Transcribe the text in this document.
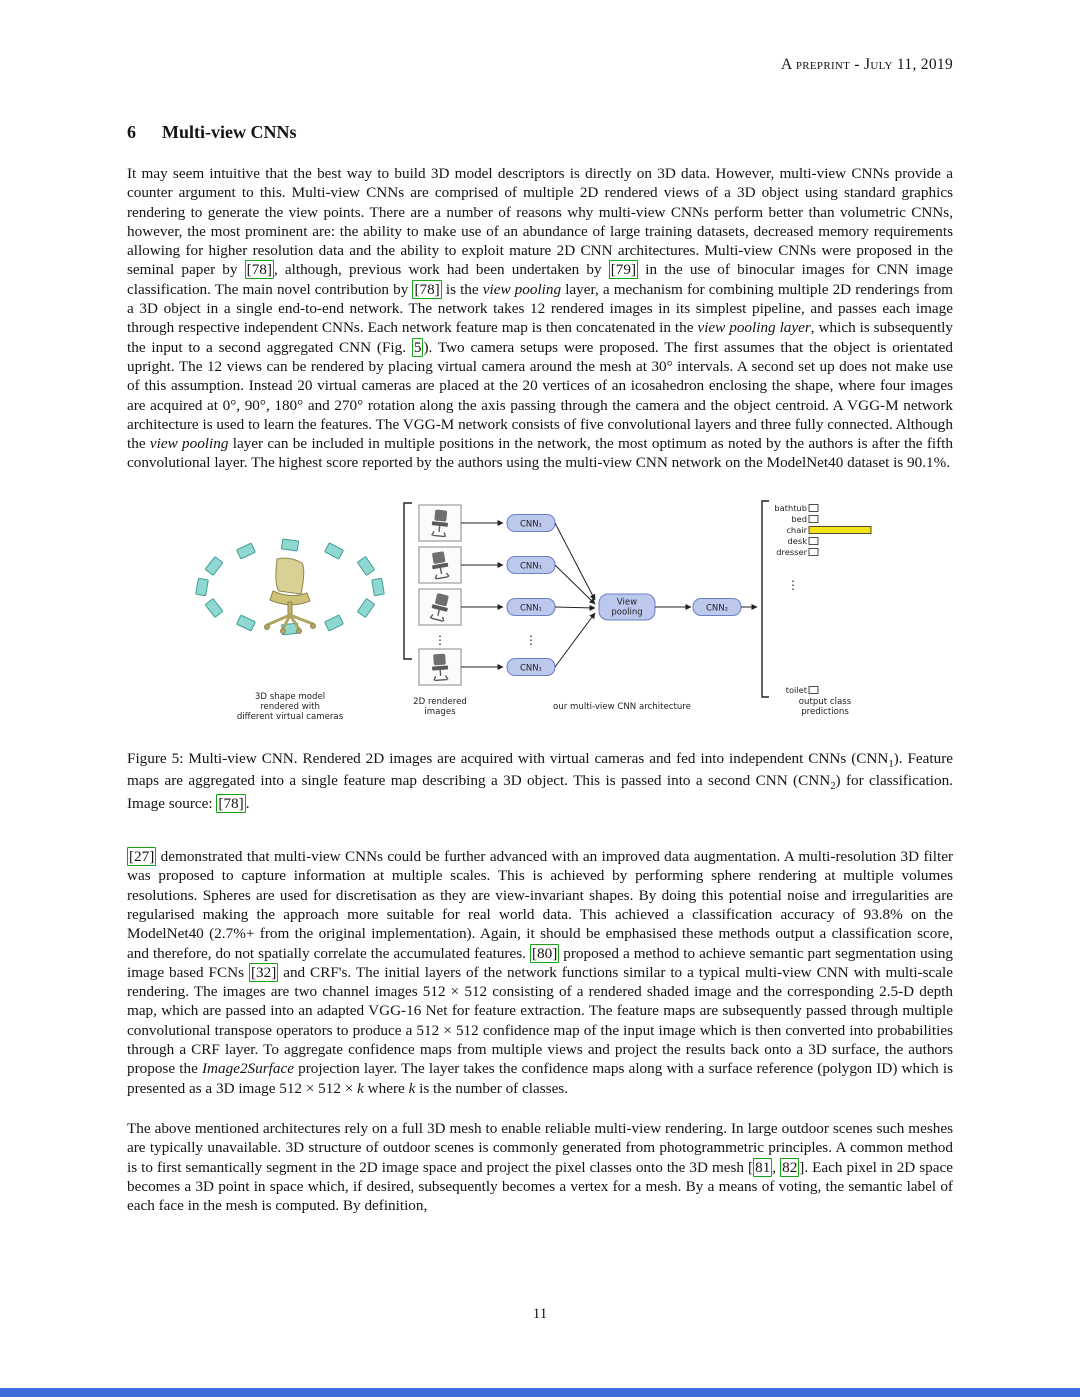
A preprint - July 11, 2019
6 Multi-view CNNs

It may seem intuitive that the best way to build 3D model descriptors is directly on 3D data. However, multi-view CNNs provide a counter argument to this. Multi-view CNNs are comprised of multiple 2D rendered views of a 3D object using standard graphics rendering to generate the view points. There are a number of reasons why multi-view CNNs perform better than volumetric CNNs, however, the most prominent are: the ability to make use of an abundance of large training datasets, decreased memory requirements allowing for higher resolution data and the ability to exploit mature 2D CNN architectures. Multi-view CNNs were proposed in the seminal paper by [78] , although, previous work had been undertaken by [79] in the use of binocular images for CNN image classification. The main novel contribution by [78] is the view pooling layer, a mechanism for combining multiple 2D renderings from a 3D object in a single end-to-end network. The network takes 12 rendered images in its simplest pipeline, and passes each image through respective independent CNNs. Each network feature map is then concatenated in the view pooling layer, which is subsequently the input to a second aggregated CNN (Fig. 5 ). Two camera setups were proposed. The first assumes that the object is orientated upright. The 12 views can be rendered by placing virtual camera around the mesh at 30° intervals. A second set up does not make use of this assumption. Instead 20 virtual cameras are placed at the 20 vertices of an icosahedron enclosing the shape, where four images are acquired at 0°, 90°, 180° and 270° rotation along the axis passing through the camera and the object centroid. A VGG-M network architecture is used to learn the features. The VGG-M network consists of five convolutional layers and three fully connected. Although the view pooling layer can be included in multiple positions in the network, the most optimum as noted by the authors is after the fifth convolutional layer. The highest score reported by the authors using the multi-view CNN network on the ModelNet40 dataset is 90.1%.

⋮
CNN₁
CNN₁
CNN₁
CNN₁
⋮
View
pooling	CNN₂
bathtub
bed
chair
desk
dresser
⋮
toilet
3D shape model
rendered with
different virtual cameras
2D rendered
images	our multi-view CNN architecture	output class
predictions

Figure 5: Multi-view CNN. Rendered 2D images are acquired with virtual cameras and fed into independent CNNs $(CNN_1)$. Feature maps are aggregated into a single feature map describing a 3D object. This is passed into a second CNN $(CNN_2)$ for classification. Image source: [78] .

[27] demonstrated that multi-view CNNs could be further advanced with an improved data augmentation. A multi-resolution 3D filter was proposed to capture information at multiple scales. This is achieved by performing sphere rendering at multiple volumes resolutions. Spheres are used for discretisation as they are view-invariant shapes. By doing this potential noise and irregularities are regularised making the approach more suitable for real world data. This achieved a classification accuracy of 93.8% on the ModelNet40 (2.7%+ from the original implementation). Again, it should be emphasised these methods output a classification score, and therefore, do not spatially correlate the accumulated features. [80] proposed a method to achieve semantic part segmentation using image based FCNs [32] and CRF's. The initial layers of the network functions similar to a typical multi-view CNN with multi-scale rendering. The images are two channel images 512 × 512 consisting of a rendered shaded image and the corresponding 2.5-D depth map, which are passed into an adapted VGG-16 Net for feature extraction. The feature maps are subsequently passed through multiple convolutional transpose operators to produce a 512 × 512 confidence map of the input image which is then converted into probabilities through a CRF layer. To aggregate confidence maps from multiple views and project the results back onto a 3D surface, the authors propose the Image2Surface projection layer. The layer takes the confidence maps along with a surface reference (polygon ID) which is presented as a 3D image 512 × 512 × k where k is the number of classes.

The above mentioned architectures rely on a full 3D mesh to enable reliable multi-view rendering. In large outdoor scenes such meshes are typically unavailable. 3D structure of outdoor scenes is commonly generated from photogrammetric principles. A common method is to first semantically segment in the 2D image space and project the pixel classes onto the 3D mesh [ 81 , 82 ]. Each pixel in 2D space becomes a 3D point in space which, if desired, subsequently becomes a vertex for a mesh. By a means of voting, the semantic label of each face in the mesh is computed. By definition,

11
